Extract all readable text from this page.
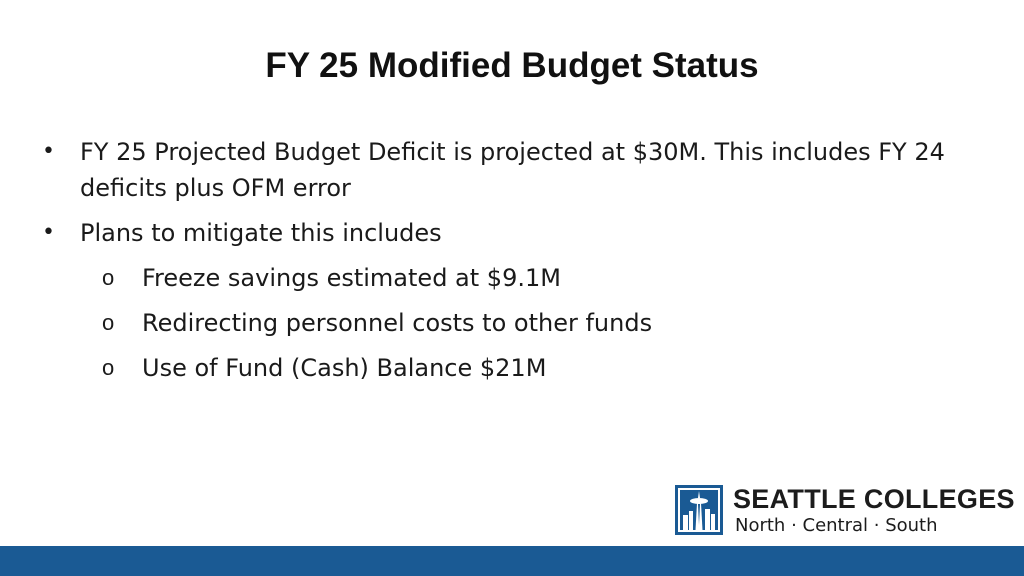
FY 25 Modified Budget Status
• FY 25 Projected Budget Deficit is projected at $30M. This includes FY 24 deficits plus OFM error
• Plans to mitigate this includes
o Freeze savings estimated at $9.1M
o Redirecting personnel costs to other funds
o Use of Fund (Cash) Balance $21M
SEATTLE COLLEGES
North · Central · South
